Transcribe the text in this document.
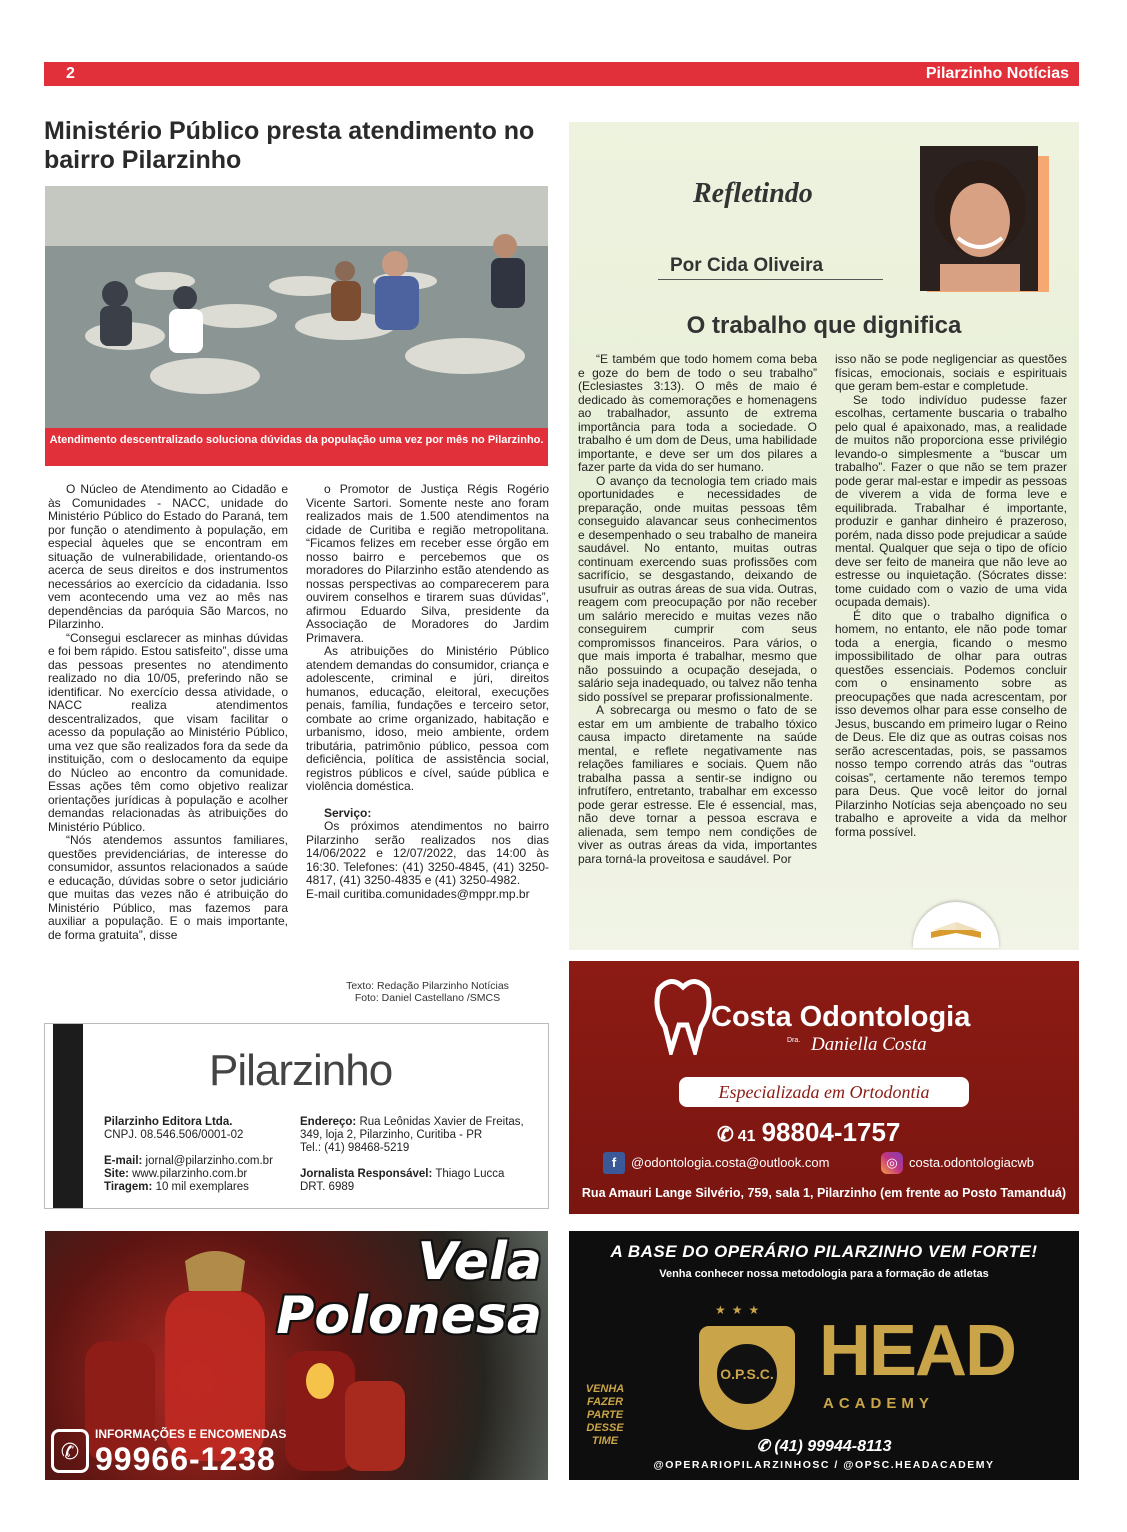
2	Pilarzinho Notícias
Ministério Público presta atendimento no bairro Pilarzinho
Atendimento descentralizado soluciona dúvidas da população uma vez por mês no Pilarzinho.

O Núcleo de Atendimento ao Cidadão e às Comunidades - NACC, unidade do Ministério Público do Estado do Paraná, tem por função o atendimento à população, em especial àqueles que se encontram em situação de vulnerabilidade, orientando-os acerca de seus direitos e dos instrumentos necessários ao exercício da cidadania. Isso vem acontecendo uma vez ao mês nas dependências da paróquia São Marcos, no Pilarzinho.

“Consegui esclarecer as minhas dúvidas e foi bem rápido. Estou satisfeito”, disse uma das pessoas presentes no atendimento realizado no dia 10/05, preferindo não se identificar. No exercício dessa atividade, o NACC realiza atendimentos descentralizados, que visam facilitar o acesso da população ao Ministério Público, uma vez que são realizados fora da sede da instituição, com o deslocamento da equipe do Núcleo ao encontro da comunidade. Essas ações têm como objetivo realizar orientações jurídicas à população e acolher demandas relacionadas às atribuições do Ministério Público.

“Nós atendemos assuntos familiares, questões previdenciárias, de interesse do consumidor, assuntos relacionados a saúde e educação, dúvidas sobre o setor judiciário que muitas das vezes não é atribuição do Ministério Público, mas fazemos para auxiliar a população. E o mais importante, de forma gratuita”, disse

o Promotor de Justiça Régis Rogério Vicente Sartori. Somente neste ano foram realizados mais de 1.500 atendimentos na cidade de Curitiba e região metropolitana. “Ficamos felizes em receber esse órgão em nosso bairro e percebemos que os moradores do Pilarzinho estão atendendo as nossas perspectivas ao comparecerem para ouvirem conselhos e tirarem suas dúvidas”, afirmou Eduardo Silva, presidente da Associação de Moradores do Jardim Primavera.

As atribuições do Ministério Público atendem demandas do consumidor, criança e adolescente, criminal e júri, direitos humanos, educação, eleitoral, execuções penais, família, fundações e terceiro setor, combate ao crime organizado, habitação e urbanismo, idoso, meio ambiente, ordem tributária, patrimônio público, pessoa com deficiência, política de assistência social, registros públicos e cível, saúde pública e violência doméstica.

Serviço:

Os próximos atendimentos no bairro Pilarzinho serão realizados nos dias 14/06/2022 e 12/07/2022, das 14:00 às 16:30. Telefones: (41) 3250-4845, (41) 3250-4817, (41) 3250-4835 e (41) 3250-4982.

E-mail curitiba.comunidades@mppr.mp.br

Texto: Redação Pilarzinho Notícias
Foto: Daniel Castellano /SMCS
Refletindo
Por Cida Oliveira
O trabalho que dignifica

“E também que todo homem coma beba e goze do bem de todo o seu trabalho” (Eclesiastes 3:13). O mês de maio é dedicado às comemorações e homenagens ao trabalhador, assunto de extrema importância para toda a sociedade. O trabalho é um dom de Deus, uma habilidade importante, e deve ser um dos pilares a fazer parte da vida do ser humano.

O avanço da tecnologia tem criado mais oportunidades e necessidades de preparação, onde muitas pessoas têm conseguido alavancar seus conhecimentos e desempenhado o seu trabalho de maneira saudável. No entanto, muitas outras continuam exercendo suas profissões com sacrifício, se desgastando, deixando de usufruir as outras áreas de sua vida. Outras, reagem com preocupação por não receber um salário merecido e muitas vezes não conseguirem cumprir com seus compromissos financeiros. Para vários, o que mais importa é trabalhar, mesmo que não possuindo a ocupação desejada, o salário seja inadequado, ou talvez não tenha sido possível se preparar profissionalmente.

A sobrecarga ou mesmo o fato de se estar em um ambiente de trabalho tóxico causa impacto diretamente na saúde mental, e reflete negativamente nas relações familiares e sociais. Quem não trabalha passa a sentir-se indigno ou infrutífero, entretanto, trabalhar em excesso pode gerar estresse. Ele é essencial, mas, não deve tornar a pessoa escrava e alienada, sem tempo nem condições de viver as outras áreas da vida, importantes para torná-la proveitosa e saudável. Por

isso não se pode negligenciar as questões físicas, emocionais, sociais e espirituais que geram bem-estar e completude.

Se todo indivíduo pudesse fazer escolhas, certamente buscaria o trabalho pelo qual é apaixonado, mas, a realidade de muitos não proporciona esse privilégio levando-o simplesmente a “buscar um trabalho”. Fazer o que não se tem prazer pode gerar mal-estar e impedir as pessoas de viverem a vida de forma leve e equilibrada. Trabalhar é importante, produzir e ganhar dinheiro é prazeroso, porém, nada disso pode prejudicar a saúde mental. Qualquer que seja o tipo de ofício deve ser feito de maneira que não leve ao estresse ou inquietação. (Sócrates disse: tome cuidado com o vazio de uma vida ocupada demais).

É dito que o trabalho dignifica o homem, no entanto, ele não pode tomar toda a energia, ficando o mesmo impossibilitado de olhar para outras questões essenciais. Podemos concluir com o ensinamento sobre as preocupações que nada acrescentam, por isso devemos olhar para esse conselho de Jesus, buscando em primeiro lugar o Reino de Deus. Ele diz que as outras coisas nos serão acrescentadas, pois, se passamos nosso tempo correndo atrás das “outras coisas”, certamente não teremos tempo para Deus. Que você leitor do jornal Pilarzinho Notícias seja abençoado no seu trabalho e aproveite a vida da melhor forma possível.

Pilarzinho
Pilarzinho Editora Ltda.
CNPJ. 08.546.506/0001-02
E-mail: jornal@pilarzinho.com.br
Site: www.pilarzinho.com.br
Tiragem: 10 mil exemplares
Endereço: Rua Leônidas Xavier de Freitas, 349, loja 2, Pilarzinho, Curitiba - PR
Tel.: (41) 98468-5219
Jornalista Responsável: Thiago Lucca
DRT. 6989
Costa Odontologia
Dra. Daniella Costa
Especializada em Ortodontia
✆ 41 98804-1757
f @odontologia.costa@outlook.com	◎ costa.odontologiacwb
Rua Amauri Lange Silvério, 759, sala 1, Pilarzinho (em frente ao Posto Tamanduá)
Vela
Polonesa
✆
INFORMAÇÕES E ENCOMENDAS
99966-1238
A BASE DO OPERÁRIO PILARZINHO VEM FORTE!
Venha conhecer nossa metodologia para a formação de atletas
★★★
O.P.S.C. HEAD
ACADEMY
VENHA FAZER PARTE DESSE TIME	✆ (41) 99944-8113
@OPERARIOPILARZINHOSC / @OPSC.HEADACADEMY
